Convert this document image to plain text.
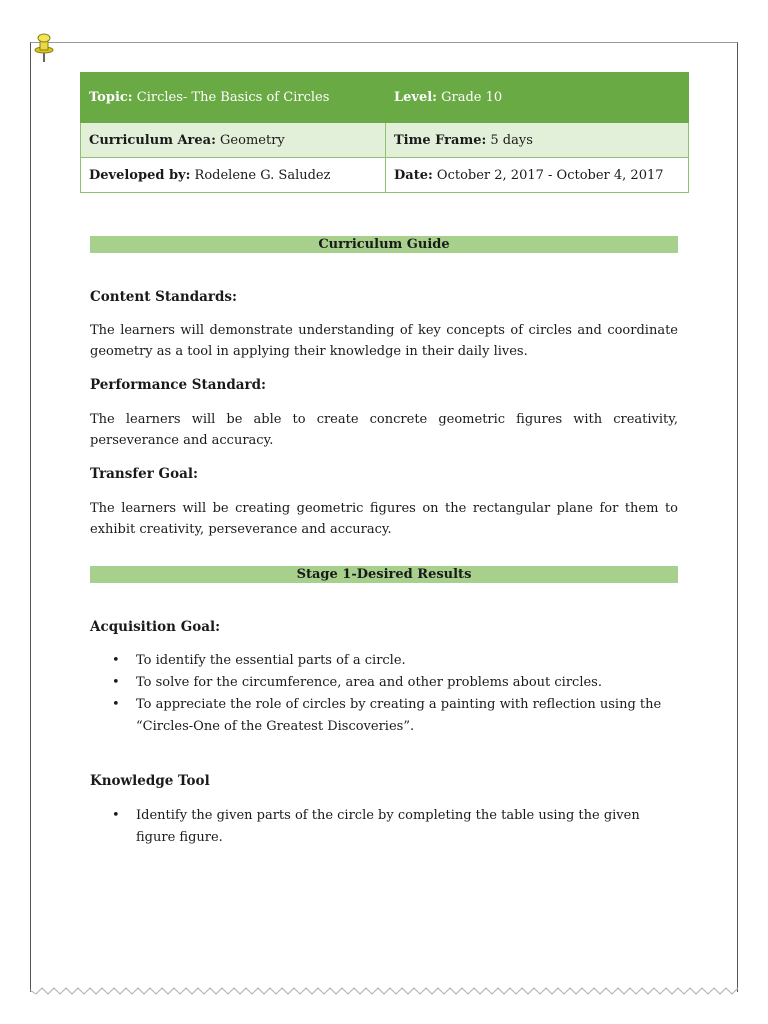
Topic: Circles- The Basics of Circles	Level: Grade 10
Curriculum Area: Geometry	Time Frame: 5 days
Developed by: Rodelene G. Saludez	Date: October 2, 2017 - October 4, 2017
Curriculum Guide
Content Standards:

The learners will demonstrate understanding of key concepts of circles and coordinate geometry as a tool in applying their knowledge in their daily lives.

Performance Standard:

The learners will be able to create concrete geometric figures with creativity, perseverance and accuracy.

Transfer Goal:

The learners will be creating geometric figures on the rectangular plane for them to exhibit creativity, perseverance and accuracy.

Stage 1-Desired Results
Acquisition Goal:
• To identify the essential parts of a circle.
• To solve for the circumference, area and other problems about circles.
• To appreciate the role of circles by creating a painting with reflection using the “Circles-One of the Greatest Discoveries”.
Knowledge Tool
• Identify the given parts of the circle by completing the table using the given figure figure.
